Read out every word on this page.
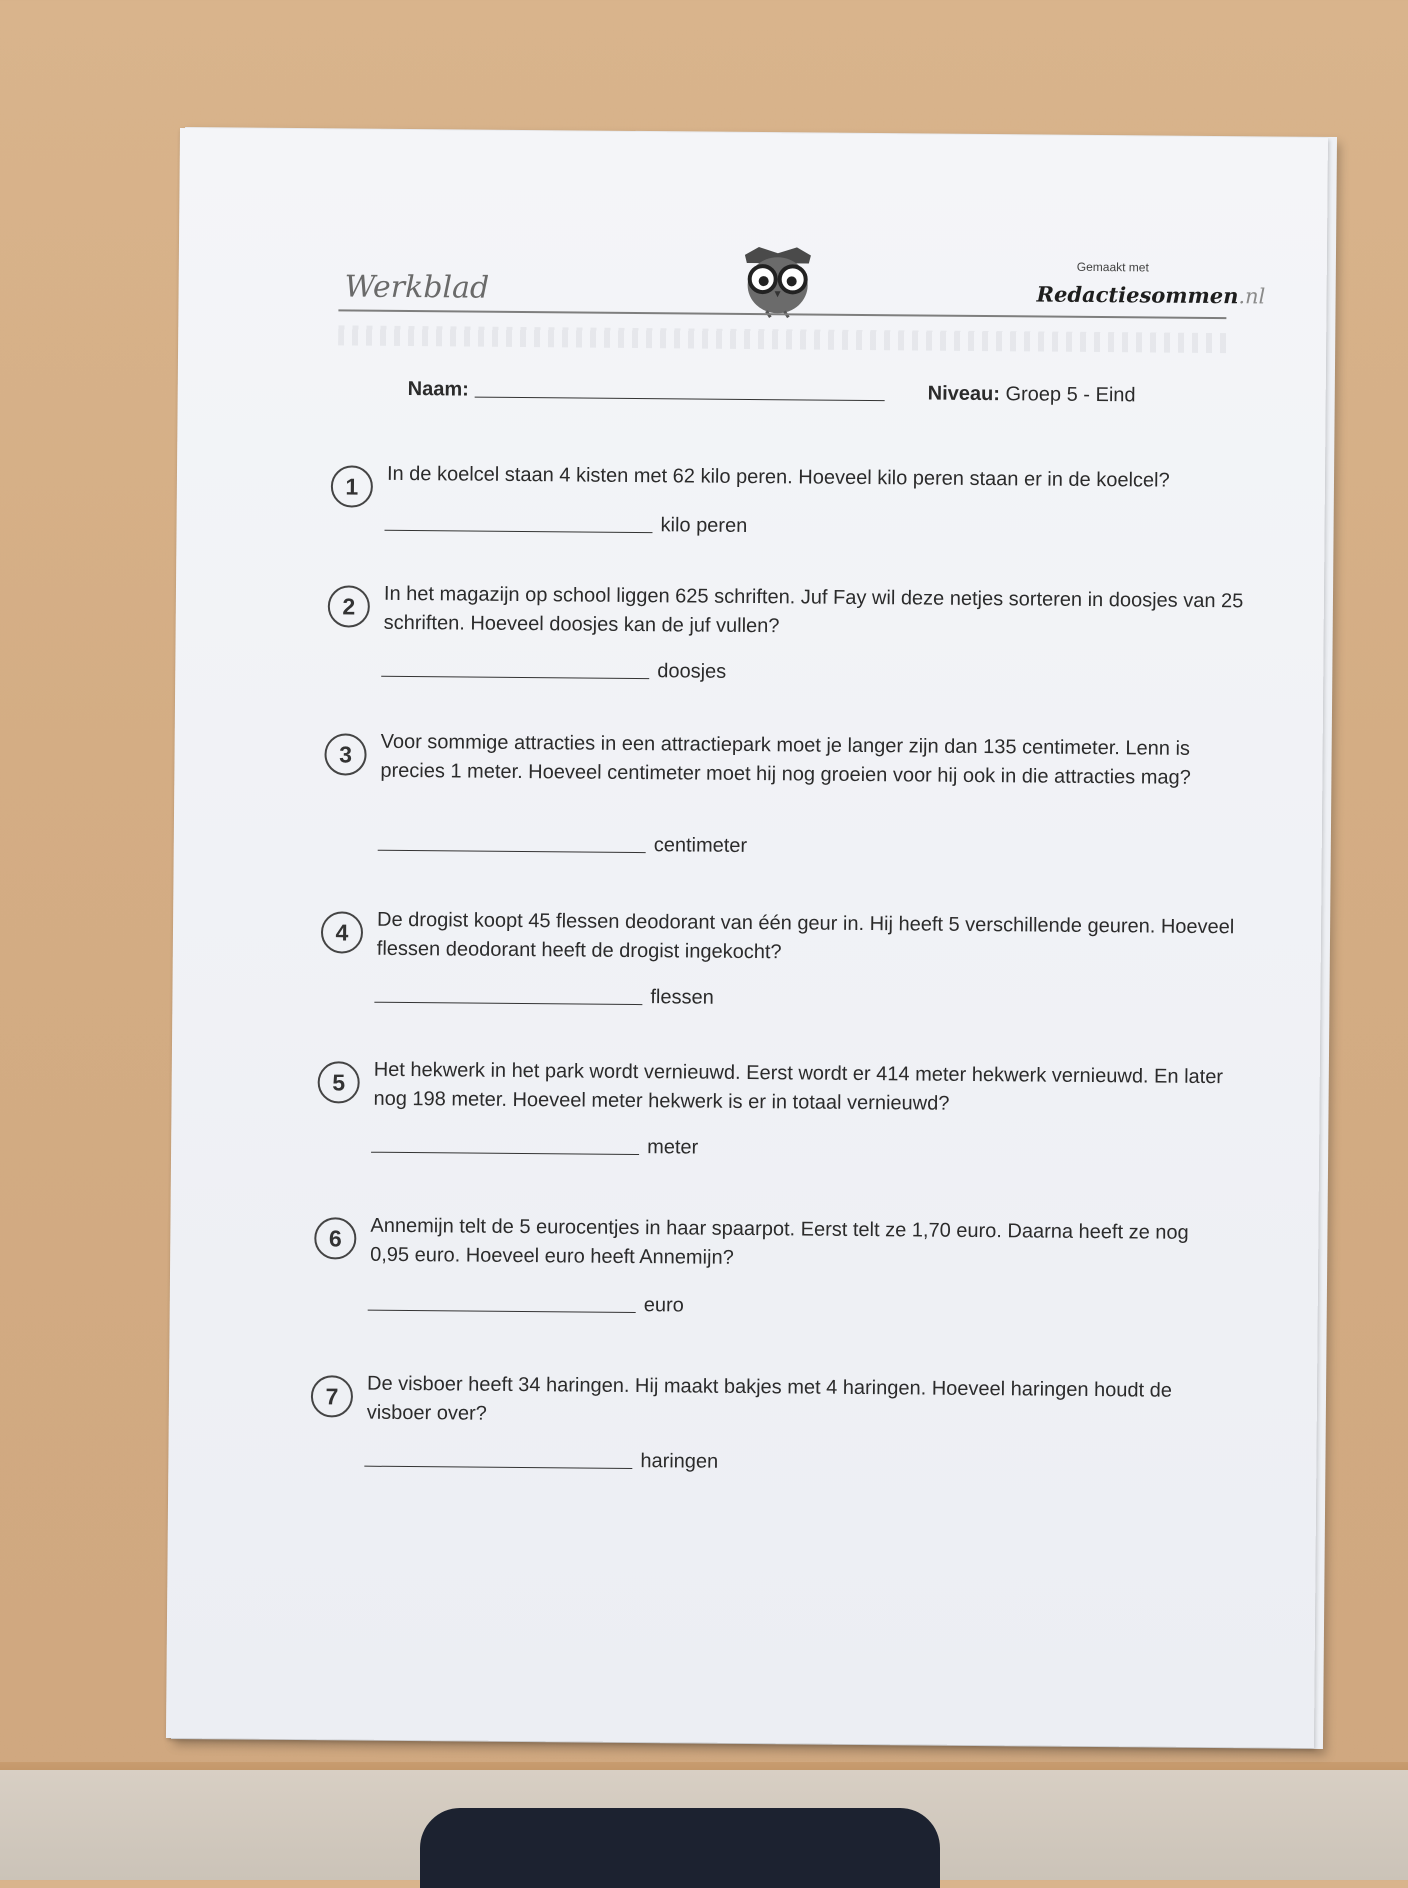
Werkblad
Gemaakt met
Redactiesommen.nl
Naam:	Niveau: Groep 5 - Eind
1	In de koelcel staan 4 kisten met 62 kilo peren. Hoeveel kilo peren staan er in de koelcel?
kilo peren
2	In het magazijn op school liggen 625 schriften. Juf Fay wil deze netjes sorteren in doosjes van 25 schriften. Hoeveel doosjes kan de juf vullen?
doosjes
3	Voor sommige attracties in een attractiepark moet je langer zijn dan 135 centimeter. Lenn is precies 1 meter. Hoeveel centimeter moet hij nog groeien voor hij ook in die attracties mag?
centimeter
4	De drogist koopt 45 flessen deodorant van één geur in. Hij heeft 5 verschillende geuren. Hoeveel flessen deodorant heeft de drogist ingekocht?
flessen
5	Het hekwerk in het park wordt vernieuwd. Eerst wordt er 414 meter hekwerk vernieuwd. En later nog 198 meter. Hoeveel meter hekwerk is er in totaal vernieuwd?
meter
6	Annemijn telt de 5 eurocentjes in haar spaarpot. Eerst telt ze 1,70 euro. Daarna heeft ze nog 0,95 euro. Hoeveel euro heeft Annemijn?
euro
7	De visboer heeft 34 haringen. Hij maakt bakjes met 4 haringen. Hoeveel haringen houdt de visboer over?
haringen
